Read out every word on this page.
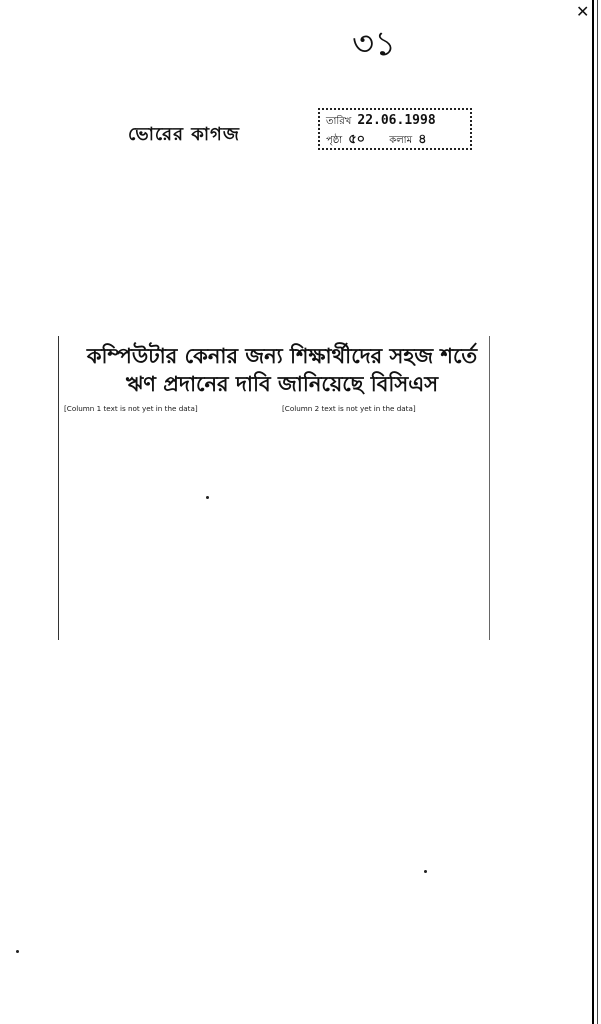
✕
৩১
ভোরের কাগজ
তারিখ 22.06.1998
পৃষ্ঠা ৫০ কলাম ৪
কম্পিউটার কেনার জন্য শিক্ষার্থীদের সহজ শর্তে ঋণ প্রদানের দাবি জানিয়েছে বিসিএস

[Column 1 text is not yet in the data]	[Column 2 text is not yet in the data]
